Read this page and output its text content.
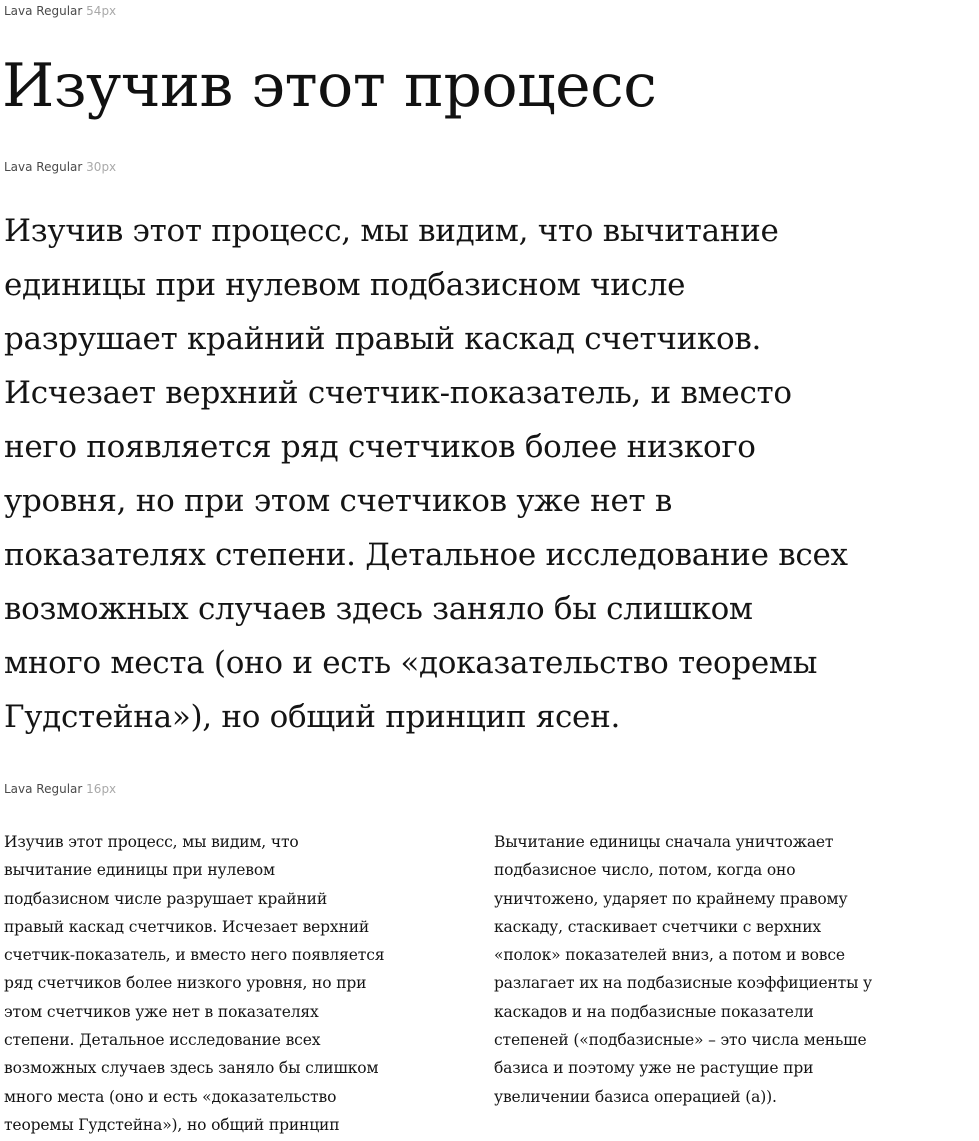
Lava Regular 54px
Изучив этот процесс
Lava Regular 30px

Изучив этот процесс, мы видим, что вычитание
единицы при нулевом подбазисном числе
разрушает крайний правый каскад счетчиков.
Исчезает верхний счетчик-показатель, и вместо
него появляется ряд счетчиков более низкого
уровня, но при этом счетчиков уже нет в
показателях степени. Детальное исследование всех
возможных случаев здесь заняло бы слишком
много места (оно и есть «доказательство теоремы
Гудстейна»), но общий принцип ясен.

Lava Regular 16px

Изучив этот процесс, мы видим, что
вычитание единицы при нулевом
подбазисном числе разрушает крайний
правый каскад счетчиков. Исчезает верхний
счетчик-показатель, и вместо него появляется
ряд счетчиков более низкого уровня, но при
этом счетчиков уже нет в показателях
степени. Детальное исследование всех
возможных случаев здесь заняло бы слишком
много места (оно и есть «доказательство
теоремы Гудстейна»), но общий принцип

Вычитание единицы сначала уничтожает
подбазисное число, потом, когда оно
уничтожено, ударяет по крайнему правому
каскаду, стаскивает счетчики с верхних
«полок» показателей вниз, а потом и вовсе
разлагает их на подбазисные коэффициенты у
каскадов и на подбазисные показатели
степеней («подбазисные» – это числа меньше
базиса и поэтому уже не растущие при
увеличении базиса операцией (а)).
